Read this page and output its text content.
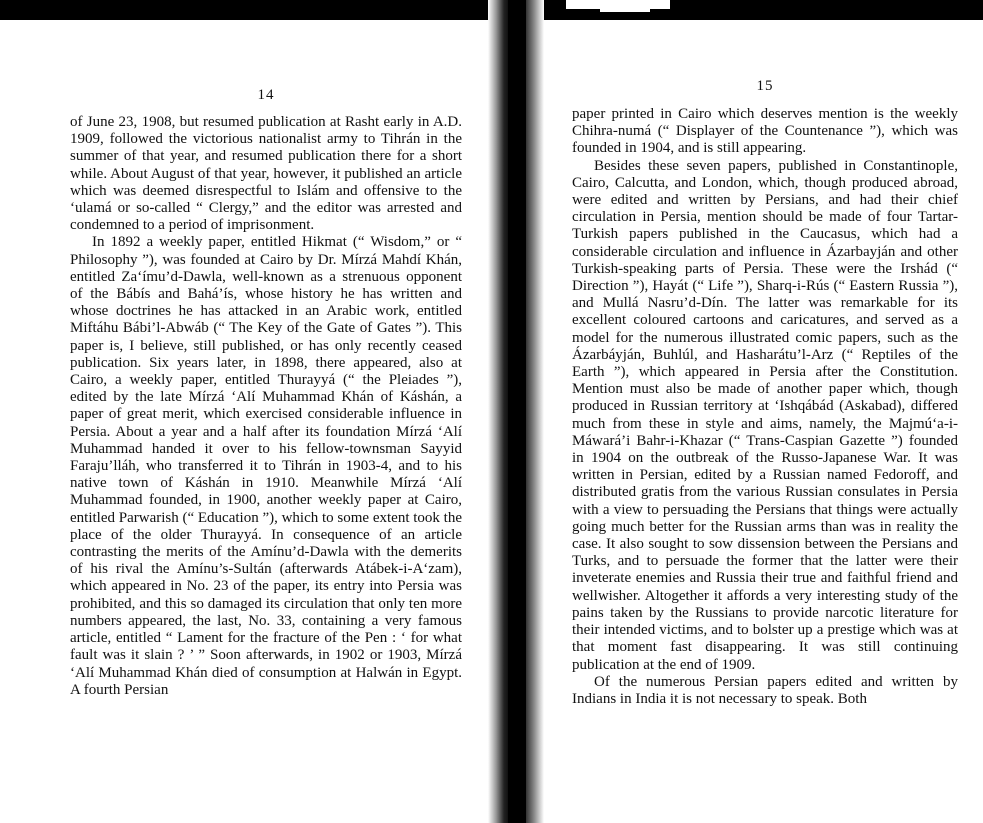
14

of June 23, 1908, but resumed publication at Rasht early in A.D. 1909, followed the victorious nationalist army to Tihrán in the summer of that year, and resumed publication there for a short while. About August of that year, however, it published an article which was deemed disrespectful to Islám and offensive to the ‘ulamá or so-called “ Clergy,” and the editor was arrested and condemned to a period of imprisonment.

In 1892 a weekly paper, entitled Hikmat (“ Wisdom,” or “ Philosophy ”), was founded at Cairo by Dr. Mírzá Mahdí Khán, entitled Za‘ímu’d-Dawla, well-known as a strenuous opponent of the Bábís and Bahá’ís, whose history he has written and whose doctrines he has attacked in an Arabic work, entitled Miftáhu Bábi’l-Abwáb (“ The Key of the Gate of Gates ”). This paper is, I believe, still published, or has only recently ceased publication. Six years later, in 1898, there appeared, also at Cairo, a weekly paper, entitled Thurayyá (“ the Pleiades ”), edited by the late Mírzá ‘Alí Muhammad Khán of Káshán, a paper of great merit, which exercised considerable influence in Persia. About a year and a half after its foundation Mírzá ‘Alí Muhammad handed it over to his fellow-townsman Sayyid Faraju’lláh, who transferred it to Tihrán in 1903-4, and to his native town of Káshán in 1910. Meanwhile Mírzá ‘Alí Muhammad founded, in 1900, another weekly paper at Cairo, entitled Parwarish (“ Education ”), which to some extent took the place of the older Thurayyá. In consequence of an article contrasting the merits of the Amínu’d-Dawla with the demerits of his rival the Amínu’s-Sultán (afterwards Atábek-i-A‘zam), which appeared in No. 23 of the paper, its entry into Persia was prohibited, and this so damaged its circulation that only ten more numbers appeared, the last, No. 33, containing a very famous article, entitled “ Lament for the fracture of the Pen : ‘ for what fault was it slain ? ’ ” Soon afterwards, in 1902 or 1903, Mírzá ‘Alí Muhammad Khán died of consumption at Halwán in Egypt. A fourth Persian

15

paper printed in Cairo which deserves mention is the weekly Chihra-numá (“ Displayer of the Countenance ”), which was founded in 1904, and is still appearing.

Besides these seven papers, published in Constantinople, Cairo, Calcutta, and London, which, though produced abroad, were edited and written by Persians, and had their chief circulation in Persia, mention should be made of four Tartar-Turkish papers published in the Caucasus, which had a considerable circulation and influence in Ázarbayján and other Turkish-speaking parts of Persia. These were the Irshád (“ Direction ”), Hayát (“ Life ”), Sharq-i-Rús (“ Eastern Russia ”), and Mullá Nasru’d-Dín. The latter was remarkable for its excellent coloured cartoons and caricatures, and served as a model for the numerous illustrated comic papers, such as the Ázarbáyján, Buhlúl, and Hasharátu’l-Arz (“ Reptiles of the Earth ”), which appeared in Persia after the Constitution. Mention must also be made of another paper which, though produced in Russian territory at ‘Ishqábád (Askabad), differed much from these in style and aims, namely, the Majmú‘a-i-Máwará’i Bahr-i-Khazar (“ Trans-Caspian Gazette ”) founded in 1904 on the outbreak of the Russo-Japanese War. It was written in Persian, edited by a Russian named Fedoroff, and distributed gratis from the various Russian consulates in Persia with a view to persuading the Persians that things were actually going much better for the Russian arms than was in reality the case. It also sought to sow dissension between the Persians and Turks, and to persuade the former that the latter were their inveterate enemies and Russia their true and faithful friend and wellwisher. Altogether it affords a very interesting study of the pains taken by the Russians to provide narcotic literature for their intended victims, and to bolster up a prestige which was at that moment fast disappearing. It was still continuing publication at the end of 1909.

Of the numerous Persian papers edited and written by Indians in India it is not necessary to speak. Both
